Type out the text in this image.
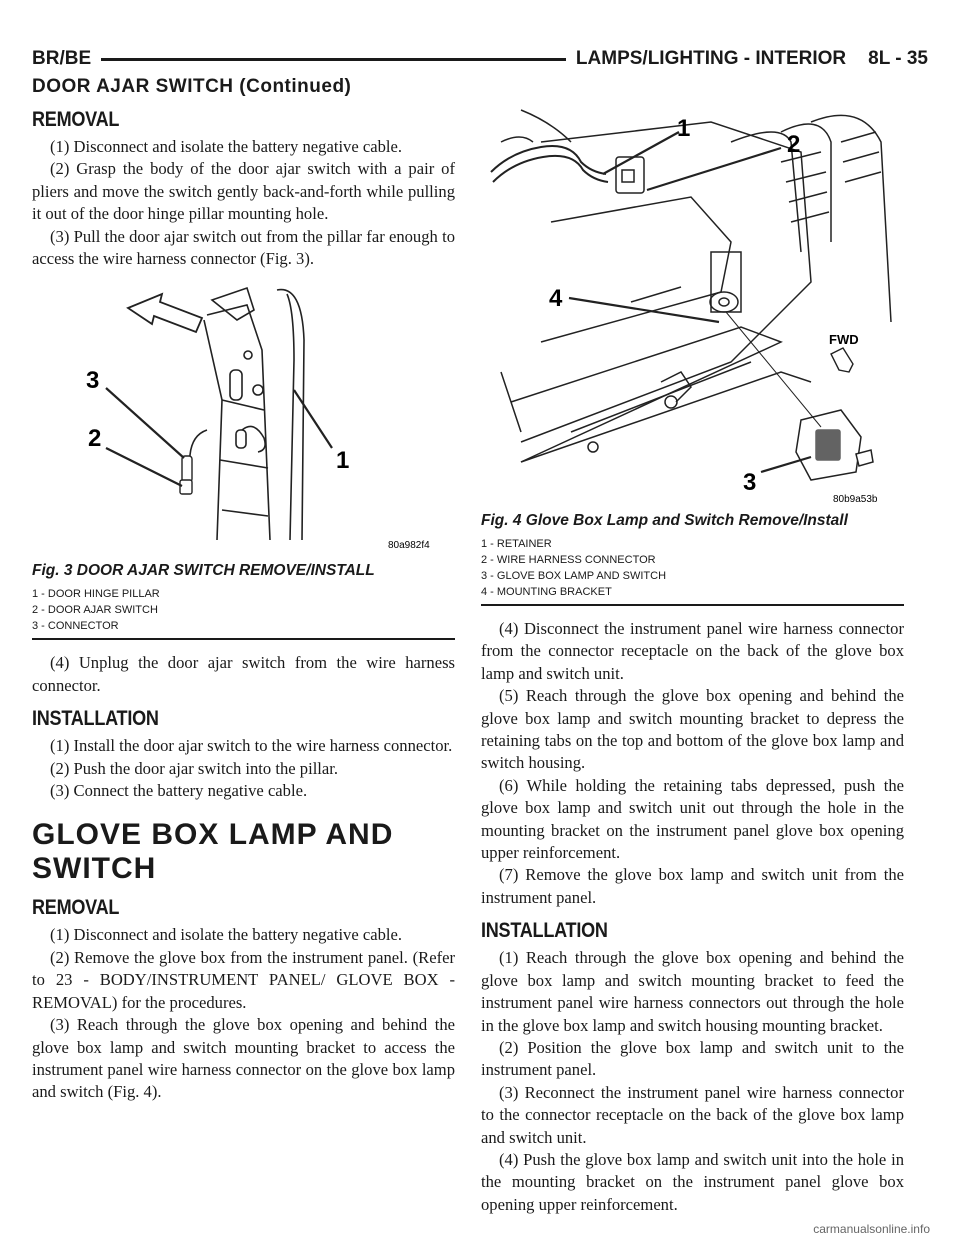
BR/BE	LAMPS/LIGHTING - INTERIOR 8L - 35
DOOR AJAR SWITCH (Continued)
REMOVAL

(1) Disconnect and isolate the battery negative cable.

(2) Grasp the body of the door ajar switch with a pair of pliers and move the switch gently back-and-forth while pulling it out of the door hinge pillar mounting hole.

(3) Pull the door ajar switch out from the pillar far enough to access the wire harness connector (Fig. 3).

3
2
1
80a982f4
Fig. 3 DOOR AJAR SWITCH REMOVE/INSTALL
1 - DOOR HINGE PILLAR
2 - DOOR AJAR SWITCH
3 - CONNECTOR

(4) Unplug the door ajar switch from the wire harness connector.

INSTALLATION

(1) Install the door ajar switch to the wire harness connector.

(2) Push the door ajar switch into the pillar.

(3) Connect the battery negative cable.

GLOVE BOX LAMP AND
SWITCH
REMOVAL

(1) Disconnect and isolate the battery negative cable.

(2) Remove the glove box from the instrument panel. (Refer to 23 - BODY/INSTRUMENT PANEL/ GLOVE BOX - REMOVAL) for the procedures.

(3) Reach through the glove box opening and behind the glove box lamp and switch mounting bracket to access the instrument panel wire harness connector on the glove box lamp and switch (Fig. 4).

FWD
1
2
4
3
80b9a53b
Fig. 4 Glove Box Lamp and Switch Remove/Install
1 - RETAINER
2 - WIRE HARNESS CONNECTOR
3 - GLOVE BOX LAMP AND SWITCH
4 - MOUNTING BRACKET

(4) Disconnect the instrument panel wire harness connector from the connector receptacle on the back of the glove box lamp and switch unit.

(5) Reach through the glove box opening and behind the glove box lamp and switch mounting bracket to depress the retaining tabs on the top and bottom of the glove box lamp and switch housing.

(6) While holding the retaining tabs depressed, push the glove box lamp and switch unit out through the hole in the mounting bracket on the instrument panel glove box opening upper reinforcement.

(7) Remove the glove box lamp and switch unit from the instrument panel.

INSTALLATION

(1) Reach through the glove box opening and behind the glove box lamp and switch mounting bracket to feed the instrument panel wire harness connectors out through the hole in the glove box lamp and switch housing mounting bracket.

(2) Position the glove box lamp and switch unit to the instrument panel.

(3) Reconnect the instrument panel wire harness connector to the connector receptacle on the back of the glove box lamp and switch unit.

(4) Push the glove box lamp and switch unit into the hole in the mounting bracket on the instrument panel glove box opening upper reinforcement.

carmanualsonline.info
